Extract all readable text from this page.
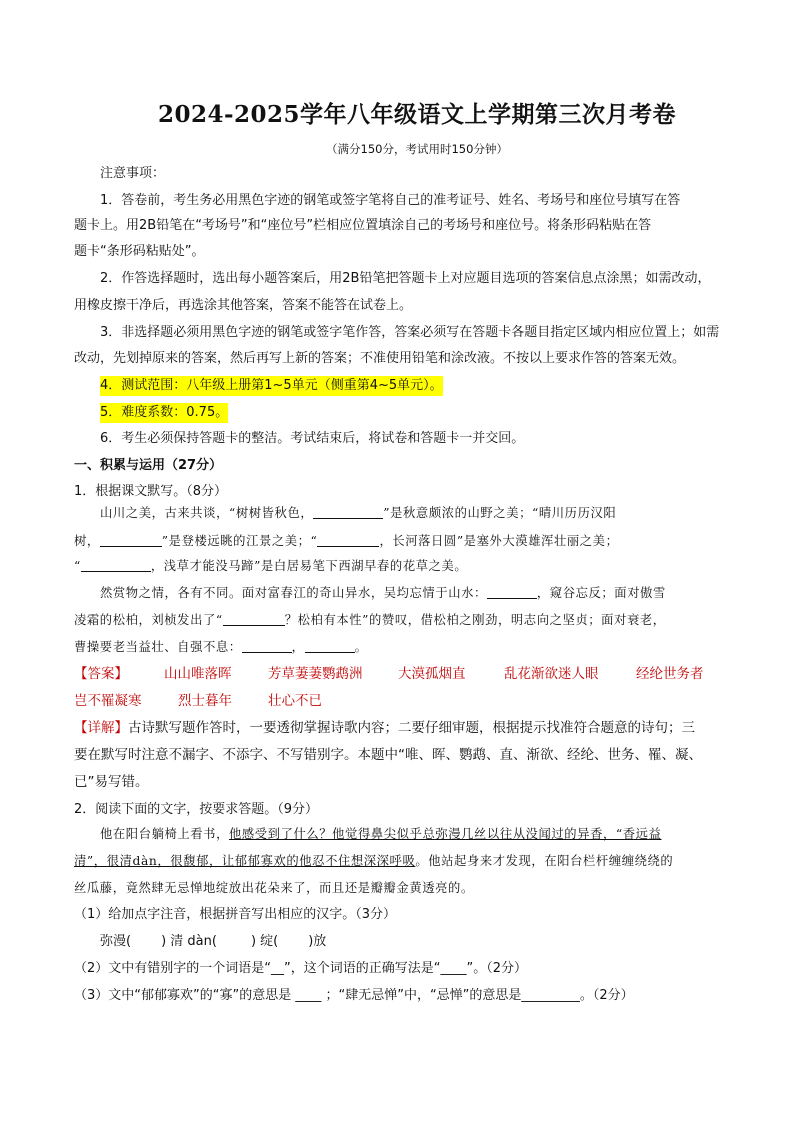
2024-2025学年八年级语文上学期第三次月考卷
（满分150分，考试用时150分钟）
注意事项：
1．答卷前，考生务必用黑色字迹的钢笔或签字笔将自己的准考证号、姓名、考场号和座位号填写在答
题卡上。用2B铅笔在“考场号”和“座位号”栏相应位置填涂自己的考场号和座位号。将条形码粘贴在答
题卡“条形码粘贴处”。
2．作答选择题时，选出每小题答案后，用2B铅笔把答题卡上对应题目选项的答案信息点涂黑；如需改动，
用橡皮擦干净后，再选涂其他答案，答案不能答在试卷上。
3．非选择题必须用黑色字迹的钢笔或签字笔作答，答案必须写在答题卡各题目指定区域内相应位置上；如需
改动，先划掉原来的答案，然后再写上新的答案；不准使用铅笔和涂改液。不按以上要求作答的答案无效。
4．测试范围：八年级上册第1~5单元（侧重第4~5单元）。
5．难度系数：0.75。
6．考生必须保持答题卡的整洁。考试结束后，将试卷和答题卡一并交回。
一、积累与运用（27分）
1．根据课文默写。（8分）
山川之美，古来共谈，“树树皆秋色，	”是秋意颇浓的山野之美；“晴川历历汉阳
树，	”是登楼远眺的江景之美；“	，长河落日圆”是塞外大漠雄浑壮丽之美；
“	，浅草才能没马蹄”是白居易笔下西湖早春的花草之美。
然赏物之情，各有不同。面对富春江的奇山异水，吴均忘情于山水：	，窥谷忘反；面对傲雪
凌霜的松柏，刘桢发出了“	？松柏有本性”的赞叹，借松柏之刚劲，明志向之坚贞；面对衰老，
曹操要老当益壮、自强不息：	，	。
【答案】	山山唯落晖	芳草萋萋鹦鹉洲	大漠孤烟直	乱花渐欲迷人眼	经纶世务者
岂不罹凝寒	烈士暮年	壮心不已
【详解】古诗默写题作答时，一要透彻掌握诗歌内容；二要仔细审题，根据提示找准符合题意的诗句；三
要在默写时注意不漏字、不添字、不写错别字。本题中“唯、晖、鹦鹉、直、渐欲、经纶、世务、罹、凝、
已”易写错。
2．阅读下面的文字，按要求答题。（9分）
他在阳台躺椅上看书，他感受到了什么？他觉得鼻尖似乎总弥漫几丝以往从没闻过的异香，“香远益
清”，很清dàn，很馥郁，让郁郁寡欢的他忍不住想深深呼吸。他站起身来才发现，在阳台栏杆缠缠绕绕的
丝瓜藤，竟然肆无忌惮地绽放出花朵来了，而且还是瓣瓣金黄透亮的。
（1）给加点字注音，根据拼音写出相应的汉字。（3分）
弥漫( ) 清 dàn(	) 绽( )放
（2）文中有错别字的一个词语是“__”，这个词语的正确写法是“____”。（2分）
（3）文中“郁郁寡欢”的“寡”的意思是 ____ ；“肆无忌惮”中，“忌惮”的意思是_________。（2分）
